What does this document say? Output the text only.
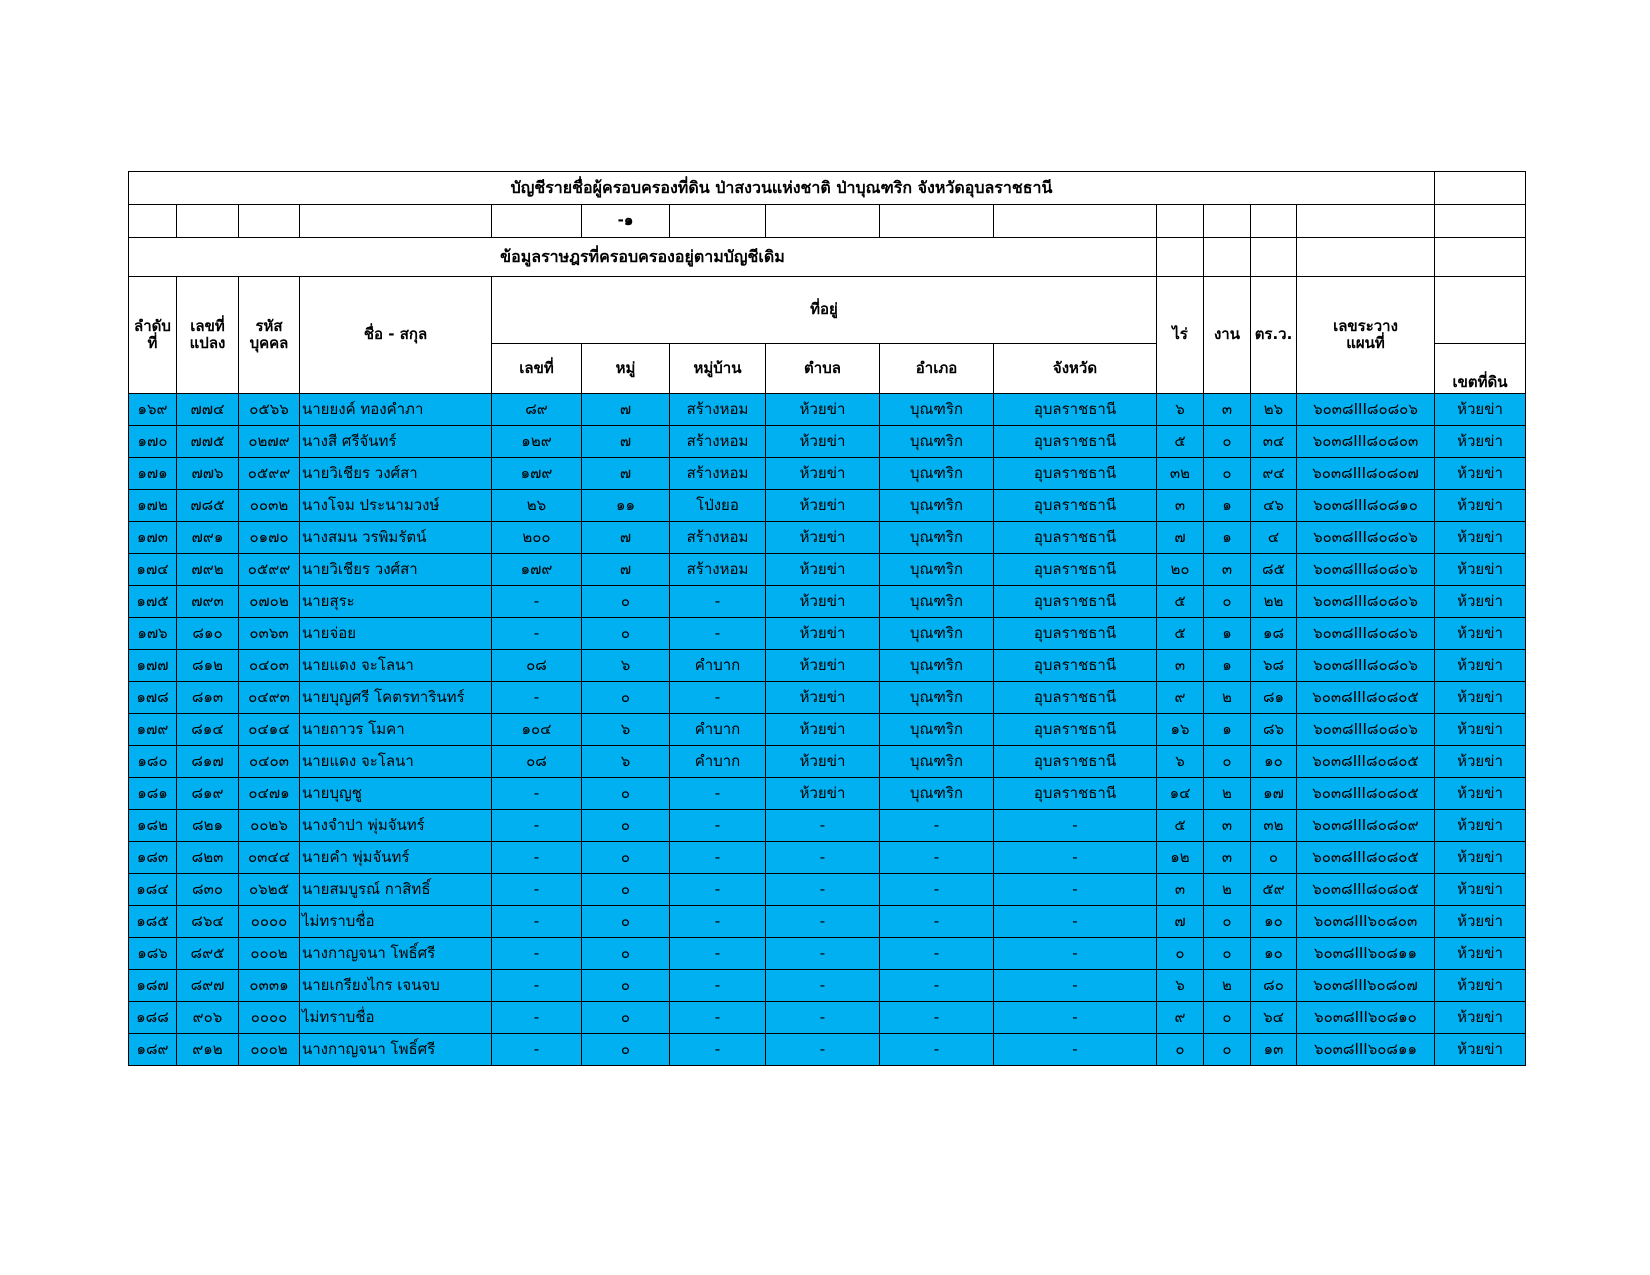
บัญชีรายชื่อผู้ครอบครองที่ดิน ป่าสงวนแห่งชาติ ป่าบุณฑริก จังหวัดอุบลราชธานี														
					-๑									
ข้อมูลราษฎรที่ครอบครองอยู่ตามบัญชีเดิม														
ลำดับที่	เลขที่แปลง	รหัสบุคคล	ชื่อ - สกุล	ที่อยู่						ไร่	งาน	ตร.ว.	เลขระวางแผนที่	
				เลขที่	หมู่	หมู่บ้าน	ตำบล	อำเภอ	จังหวัด					เขตที่ดิน
๑๖๙	๗๗๔	๐๕๖๖	นายยงค์ ทองคำภา	๘๙	๗	สร้างหอม	ห้วยข่า	บุณฑริก	อุบลราชธานี	๖	๓	๒๖	๖๐๓๘III๘๐๘๐๖	ห้วยข่า
๑๗๐	๗๗๕	๐๒๗๙	นางสี ศรีจันทร์	๑๒๙	๗	สร้างหอม	ห้วยข่า	บุณฑริก	อุบลราชธานี	๕	๐	๓๔	๖๐๓๘III๘๐๘๐๓	ห้วยข่า
๑๗๑	๗๗๖	๐๕๙๙	นายวิเชียร วงศ์สา	๑๗๙	๗	สร้างหอม	ห้วยข่า	บุณฑริก	อุบลราชธานี	๓๒	๐	๙๔	๖๐๓๘III๘๐๘๐๗	ห้วยข่า
๑๗๒	๗๘๕	๐๐๓๒	นางโจม ประนามวงษ์	๒๖	๑๑	โป่งยอ	ห้วยข่า	บุณฑริก	อุบลราชธานี	๓	๑	๔๖	๖๐๓๘III๘๐๘๑๐	ห้วยข่า
๑๗๓	๗๙๑	๐๑๗๐	นางสมน วรพิมรัตน์	๒๐๐	๗	สร้างหอม	ห้วยข่า	บุณฑริก	อุบลราชธานี	๗	๑	๔	๖๐๓๘III๘๐๘๐๖	ห้วยข่า
๑๗๔	๗๙๒	๐๕๙๙	นายวิเชียร วงศ์สา	๑๗๙	๗	สร้างหอม	ห้วยข่า	บุณฑริก	อุบลราชธานี	๒๐	๓	๘๕	๖๐๓๘III๘๐๘๐๖	ห้วยข่า
๑๗๕	๗๙๓	๐๗๐๒	นายสุระ	-	๐	-	ห้วยข่า	บุณฑริก	อุบลราชธานี	๕	๐	๒๒	๖๐๓๘III๘๐๘๐๖	ห้วยข่า
๑๗๖	๘๑๐	๐๓๖๓	นายจ่อย	-	๐	-	ห้วยข่า	บุณฑริก	อุบลราชธานี	๕	๑	๑๘	๖๐๓๘III๘๐๘๐๖	ห้วยข่า
๑๗๗	๘๑๒	๐๔๐๓	นายแดง จะโลนา	๐๘	๖	คำบาก	ห้วยข่า	บุณฑริก	อุบลราชธานี	๓	๑	๖๘	๖๐๓๘III๘๐๘๐๖	ห้วยข่า
๑๗๘	๘๑๓	๐๔๙๓	นายบุญศรี โคตรทารินทร์	-	๐	-	ห้วยข่า	บุณฑริก	อุบลราชธานี	๙	๒	๘๑	๖๐๓๘III๘๐๘๐๕	ห้วยข่า
๑๗๙	๘๑๔	๐๔๑๔	นายถาวร โมคา	๑๐๔	๖	คำบาก	ห้วยข่า	บุณฑริก	อุบลราชธานี	๑๖	๑	๘๖	๖๐๓๘III๘๐๘๐๖	ห้วยข่า
๑๘๐	๘๑๗	๐๔๐๓	นายแดง จะโลนา	๐๘	๖	คำบาก	ห้วยข่า	บุณฑริก	อุบลราชธานี	๖	๐	๑๐	๖๐๓๘III๘๐๘๐๕	ห้วยข่า
๑๘๑	๘๑๙	๐๔๗๑	นายบุญชู	-	๐	-	ห้วยข่า	บุณฑริก	อุบลราชธานี	๑๔	๒	๑๗	๖๐๓๘III๘๐๘๐๕	ห้วยข่า
๑๘๒	๘๒๑	๐๐๒๖	นางจำปา พุ่มจันทร์	-	๐	-	-	-	-	๕	๓	๓๒	๖๐๓๘III๘๐๘๐๙	ห้วยข่า
๑๘๓	๘๒๓	๐๓๔๔	นายคำ พุ่มจันทร์	-	๐	-	-	-	-	๑๒	๓	๐	๖๐๓๘III๘๐๘๐๕	ห้วยข่า
๑๘๔	๘๓๐	๐๖๒๕	นายสมบูรณ์ กาสิทธิ์	-	๐	-	-	-	-	๓	๒	๕๙	๖๐๓๘III๘๐๘๐๕	ห้วยข่า
๑๘๕	๘๖๔	๐๐๐๐	ไม่ทราบชื่อ	-	๐	-	-	-	-	๗	๐	๑๐	๖๐๓๘III๖๐๘๐๓	ห้วยข่า
๑๘๖	๘๙๕	๐๐๐๒	นางกาญจนา โพธิ์ศรี	-	๐	-	-	-	-	๐	๐	๑๐	๖๐๓๘III๖๐๘๑๑	ห้วยข่า
๑๘๗	๘๙๗	๐๓๓๑	นายเกรียงไกร เจนจบ	-	๐	-	-	-	-	๖	๒	๘๐	๖๐๓๘III๖๐๘๐๗	ห้วยข่า
๑๘๘	๙๐๖	๐๐๐๐	ไม่ทราบชื่อ	-	๐	-	-	-	-	๙	๐	๖๔	๖๐๓๘III๖๐๘๑๐	ห้วยข่า
๑๘๙	๙๑๒	๐๐๐๒	นางกาญจนา โพธิ์ศรี	-	๐	-	-	-	-	๐	๐	๑๓	๖๐๓๘III๖๐๘๑๑	ห้วยข่า
